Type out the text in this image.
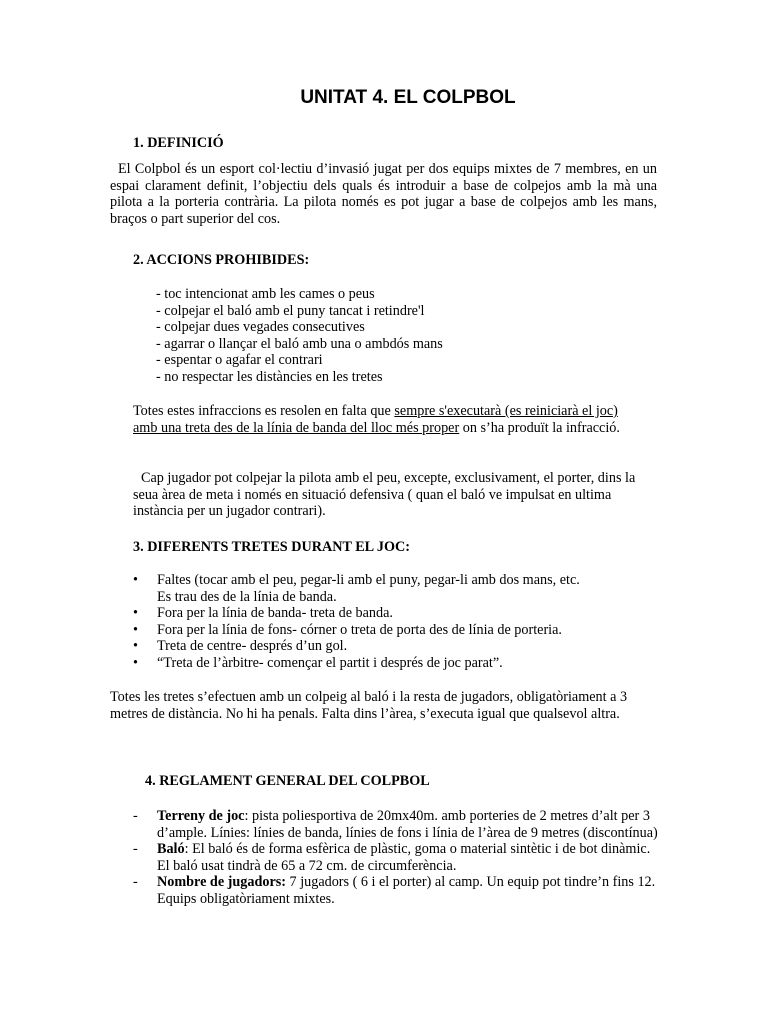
UNITAT 4. EL COLPBOL
1. DEFINICIÓ
El Colpbol és un esport col·lectiu d’invasió jugat per dos equips mixtes de 7 membres, en un espai clarament definit, l’objectiu dels quals és introduir a base de colpejos amb la mà una pilota a la porteria contrària. La pilota només es pot jugar a base de colpejos amb les mans, braços o part superior del cos.
2. ACCIONS PROHIBIDES:
- toc intencionat amb les cames o peus
- colpejar el baló amb el puny tancat i retindre'l
- colpejar dues vegades consecutives
- agarrar o llançar el baló amb una o ambdós mans
- espentar o agafar el contrari
- no respectar les distàncies en les tretes
Totes estes infraccions es resolen en falta que sempre s'executarà (es reiniciarà el joc) amb una treta des de la línia de banda del lloc més proper on s’ha produït la infracció.
Cap jugador pot colpejar la pilota amb el peu, excepte, exclusivament, el porter, dins la seua àrea de meta i només en situació defensiva ( quan el baló ve impulsat en ultima instància per un jugador contrari).
3. DIFERENTS TRETES DURANT EL JOC:
• Faltes (tocar amb el peu, pegar-li amb el puny, pegar-li amb dos mans, etc.
Es trau des de la línia de banda.
• Fora per la línia de banda- treta de banda.
• Fora per la línia de fons- córner o treta de porta des de línia de porteria.
• Treta de centre- després d’un gol.
• “Treta de l’àrbitre- començar el partit i després de joc parat”.
Totes les tretes s’efectuen amb un colpeig al baló i la resta de jugadors, obligatòriament a 3 metres de distància. No hi ha penals. Falta dins l’àrea, s’executa igual que qualsevol altra.
4. REGLAMENT GENERAL DEL COLPBOL
- Terreny de joc: pista poliesportiva de 20mx40m. amb porteries de 2 metres d’alt per 3 d’ample. Línies: línies de banda, línies de fons i línia de l’àrea de 9 metres (discontínua)
- Baló: El baló és de forma esfèrica de plàstic, goma o material sintètic i de bot dinàmic. El baló usat tindrà de 65 a 72 cm. de circumferència.
- Nombre de jugadors: 7 jugadors ( 6 i el porter) al camp. Un equip pot tindre’n fins 12. Equips obligatòriament mixtes.
